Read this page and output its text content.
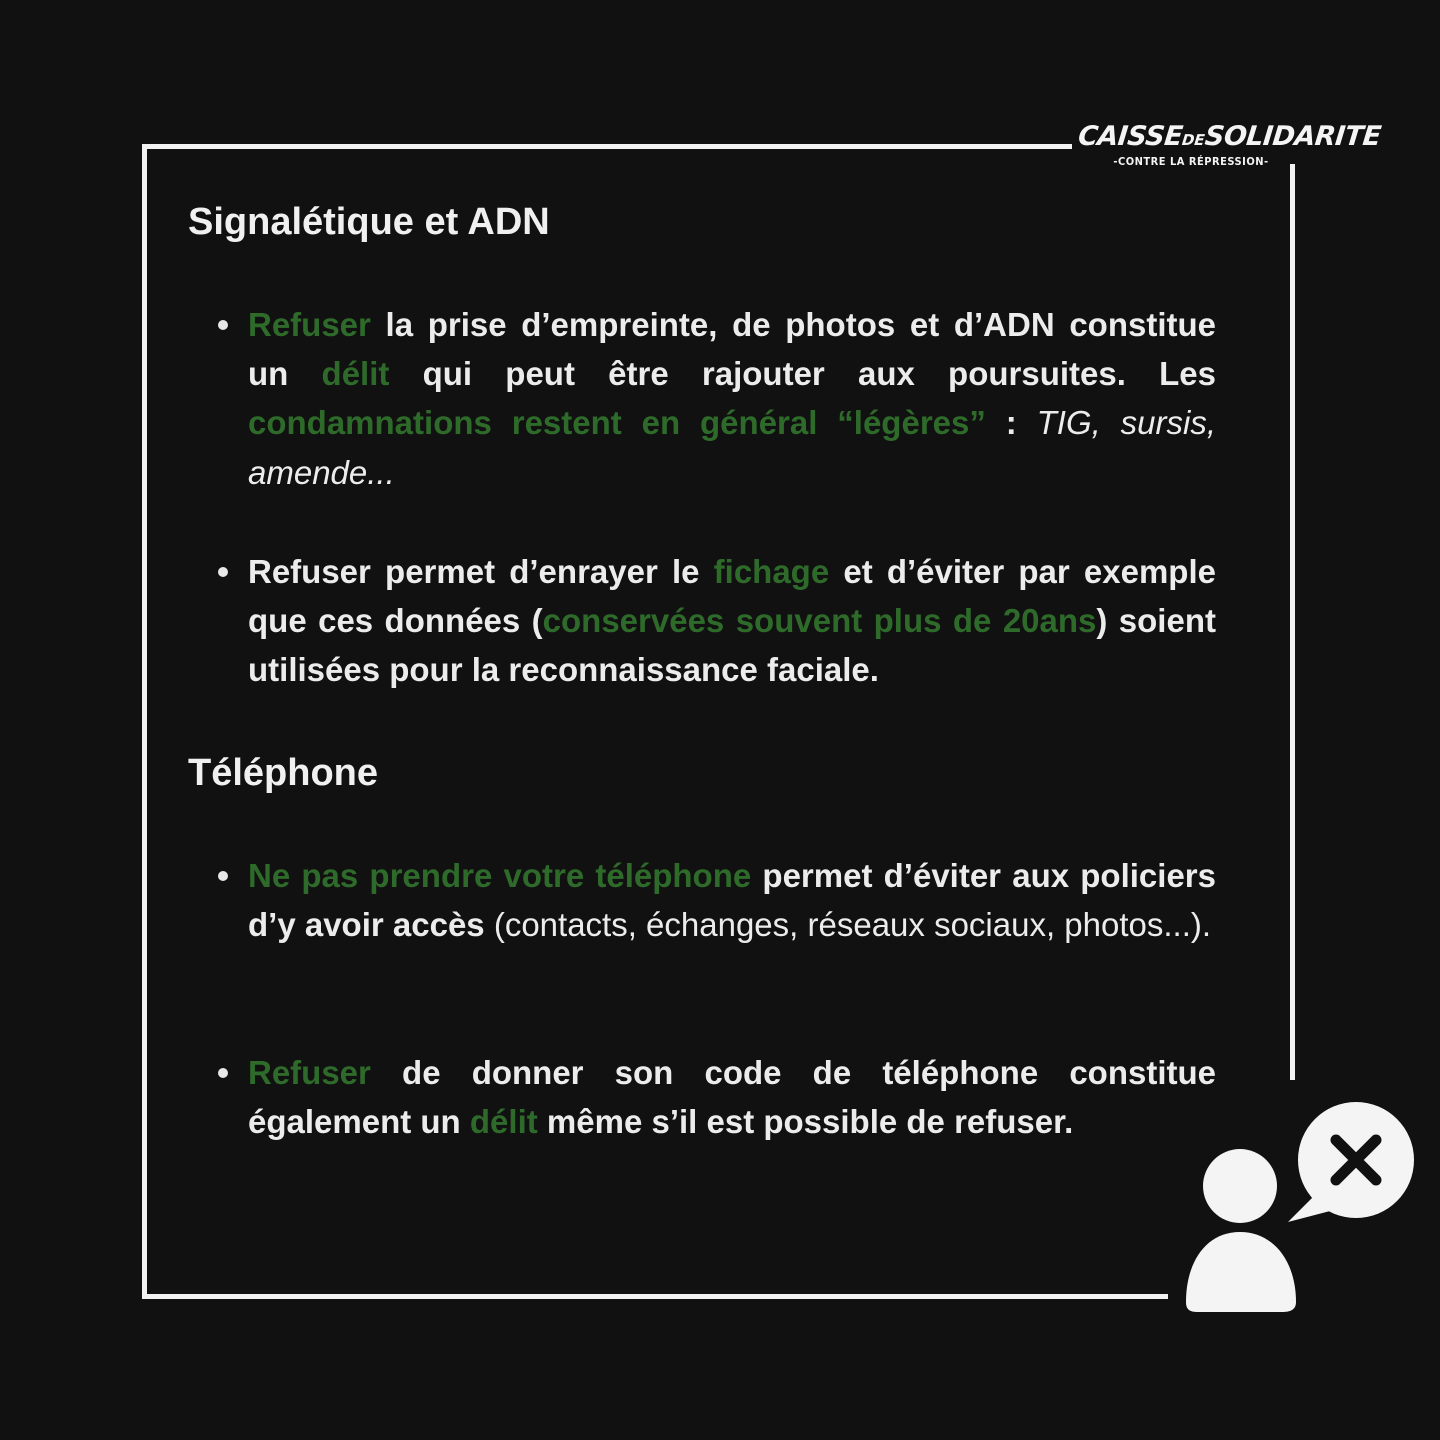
CAISSEDESOLIDARITE
-CONTRE LA RÉPRESSION-
Signalétique et ADN

Refuser la prise d’empreinte, de photos et d’ADN constitue un délit qui peut être rajouter aux poursuites. Les condamnations restent en général “légères” : TIG, sursis, amende...

Refuser permet d’enrayer le fichage et d’éviter par exemple que ces données (conservées souvent plus de 20ans) soient utilisées pour la reconnaissance faciale.

Téléphone

Ne pas prendre votre téléphone permet d’éviter aux policiers d’y avoir accès (contacts, échanges, réseaux sociaux, photos...).

Refuser de donner son code de téléphone constitue également un délit même s’il est possible de refuser.
